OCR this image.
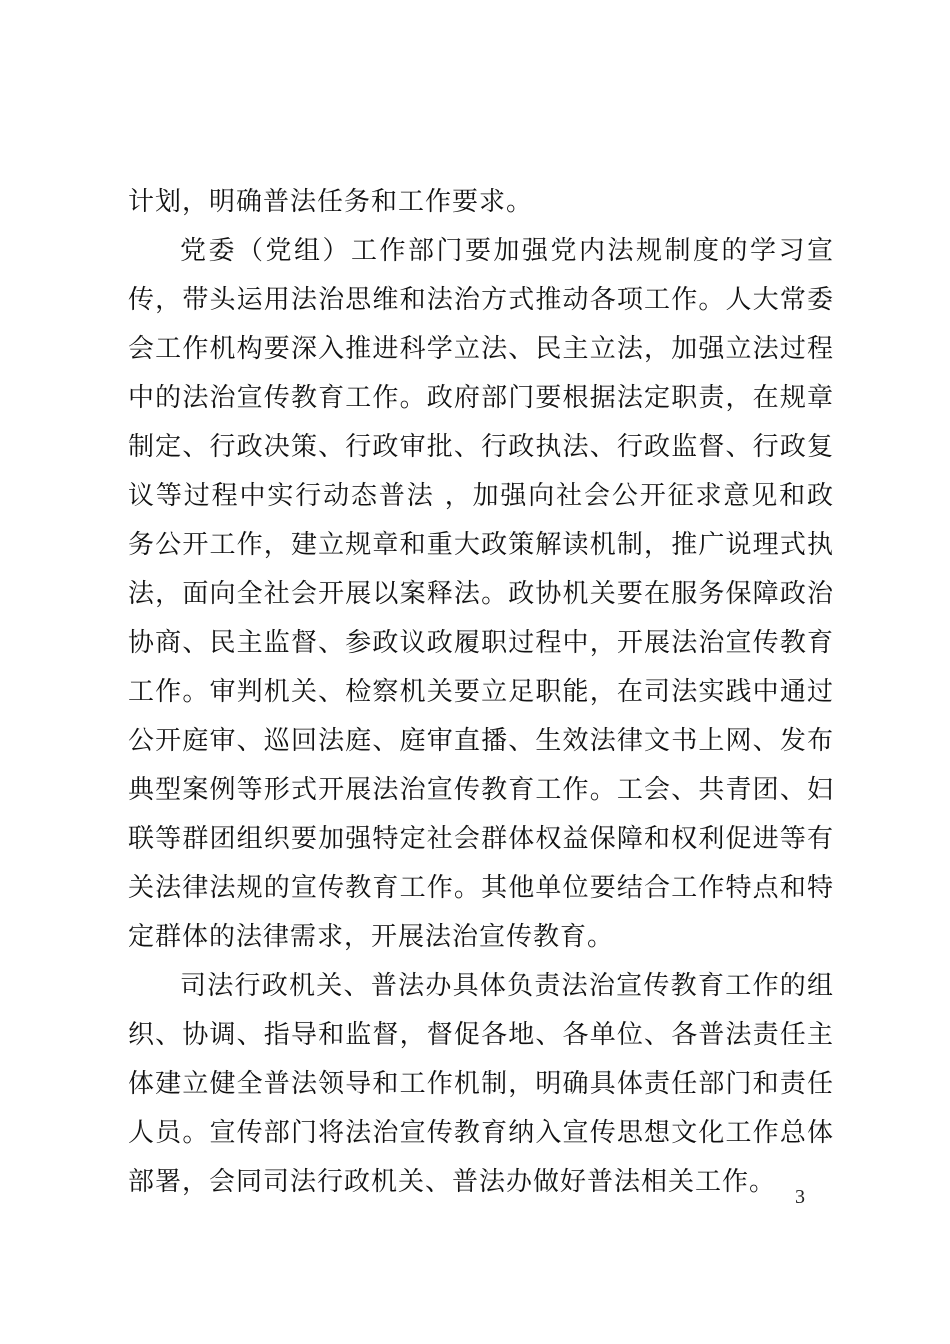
计划，明确普法任务和工作要求。

党委（党组）工作部门要加强党内法规制度的学习宣传，带头运用法治思维和法治方式推动各项工作。人大常委会工作机构要深入推进科学立法、民主立法，加强立法过程中的法治宣传教育工作。政府部门要根据法定职责，在规章制定、行政决策、行政审批、行政执法、行政监督、行政复议等过程中实行动态普法 ，加强向社会公开征求意见和政务公开工作，建立规章和重大政策解读机制，推广说理式执法，面向全社会开展以案释法。政协机关要在服务保障政治协商、民主监督、参政议政履职过程中，开展法治宣传教育工作。审判机关、检察机关要立足职能，在司法实践中通过公开庭审、巡回法庭、庭审直播、生效法律文书上网、发布典型案例等形式开展法治宣传教育工作。工会、共青团、妇联等群团组织要加强特定社会群体权益保障和权利促进等有关法律法规的宣传教育工作。其他单位要结合工作特点和特定群体的法律需求，开展法治宣传教育。

司法行政机关、普法办具体负责法治宣传教育工作的组织、协调、指导和监督，督促各地、各单位、各普法责任主体建立健全普法领导和工作机制，明确具体责任部门和责任人员。宣传部门将法治宣传教育纳入宣传思想文化工作总体部署，会同司法行政机关、普法办做好普法相关工作。 3
